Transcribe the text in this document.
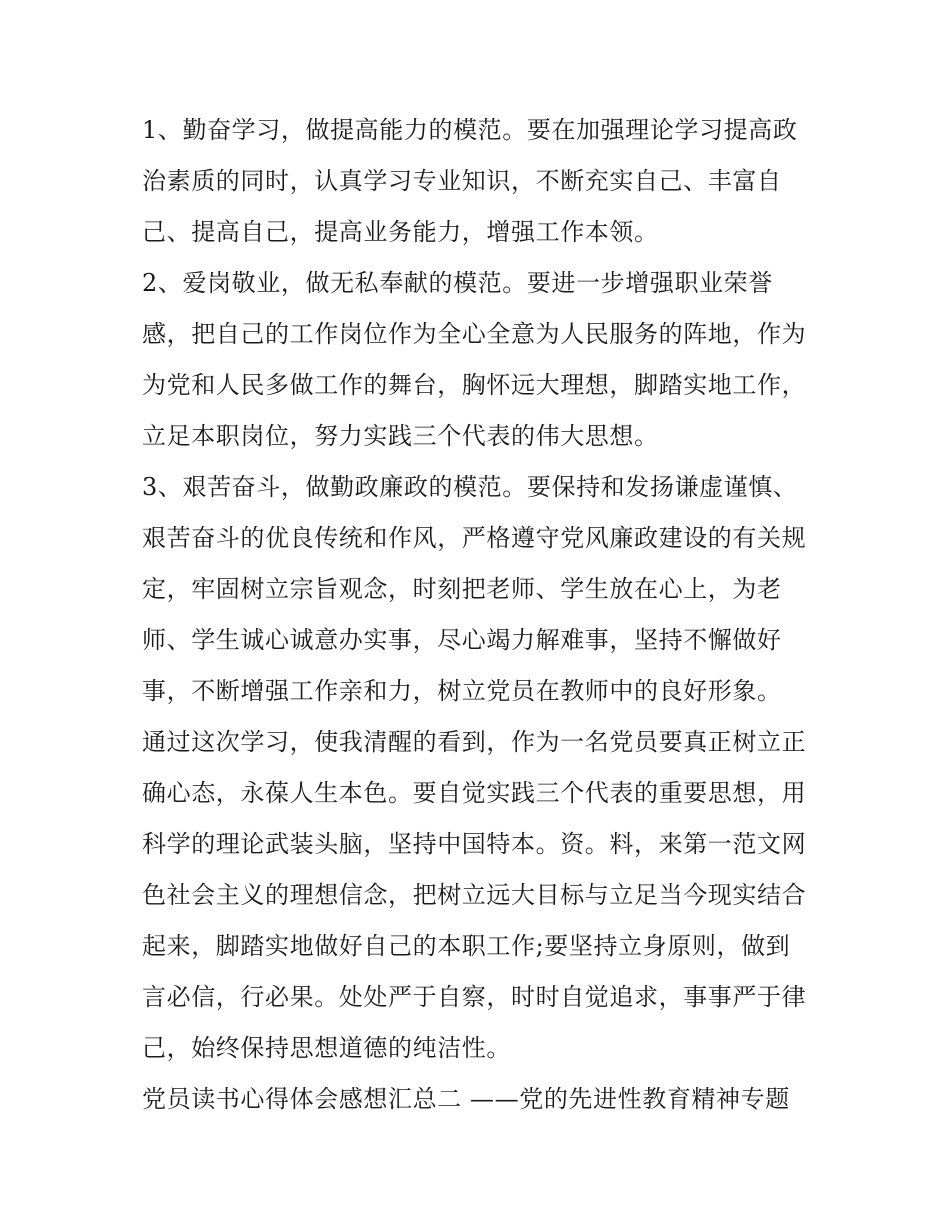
1、勤奋学习，做提高能力的模范。要在加强理论学习提高政
治素质的同时，认真学习专业知识，不断充实自己、丰富自
己、提高自己，提高业务能力，增强工作本领。
2、爱岗敬业，做无私奉献的模范。要进一步增强职业荣誉
感，把自己的工作岗位作为全心全意为人民服务的阵地，作为
为党和人民多做工作的舞台，胸怀远大理想，脚踏实地工作，
立足本职岗位，努力实践三个代表的伟大思想。
3、艰苦奋斗，做勤政廉政的模范。要保持和发扬谦虚谨慎、
艰苦奋斗的优良传统和作风，严格遵守党风廉政建设的有关规
定，牢固树立宗旨观念，时刻把老师、学生放在心上，为老
师、学生诚心诚意办实事，尽心竭力解难事，坚持不懈做好
事，不断增强工作亲和力，树立党员在教师中的良好形象。
通过这次学习，使我清醒的看到，作为一名党员要真正树立正
确心态，永葆人生本色。要自觉实践三个代表的重要思想，用
科学的理论武装头脑，坚持中国特本。资。料，来第一范文网
色社会主义的理想信念，把树立远大目标与立足当今现实结合
起来，脚踏实地做好自己的本职工作;要坚持立身原则，做到
言必信，行必果。处处严于自察，时时自觉追求，事事严于律
己，始终保持思想道德的纯洁性。
党员读书心得体会感想汇总二 ——党的先进性教育精神专题
